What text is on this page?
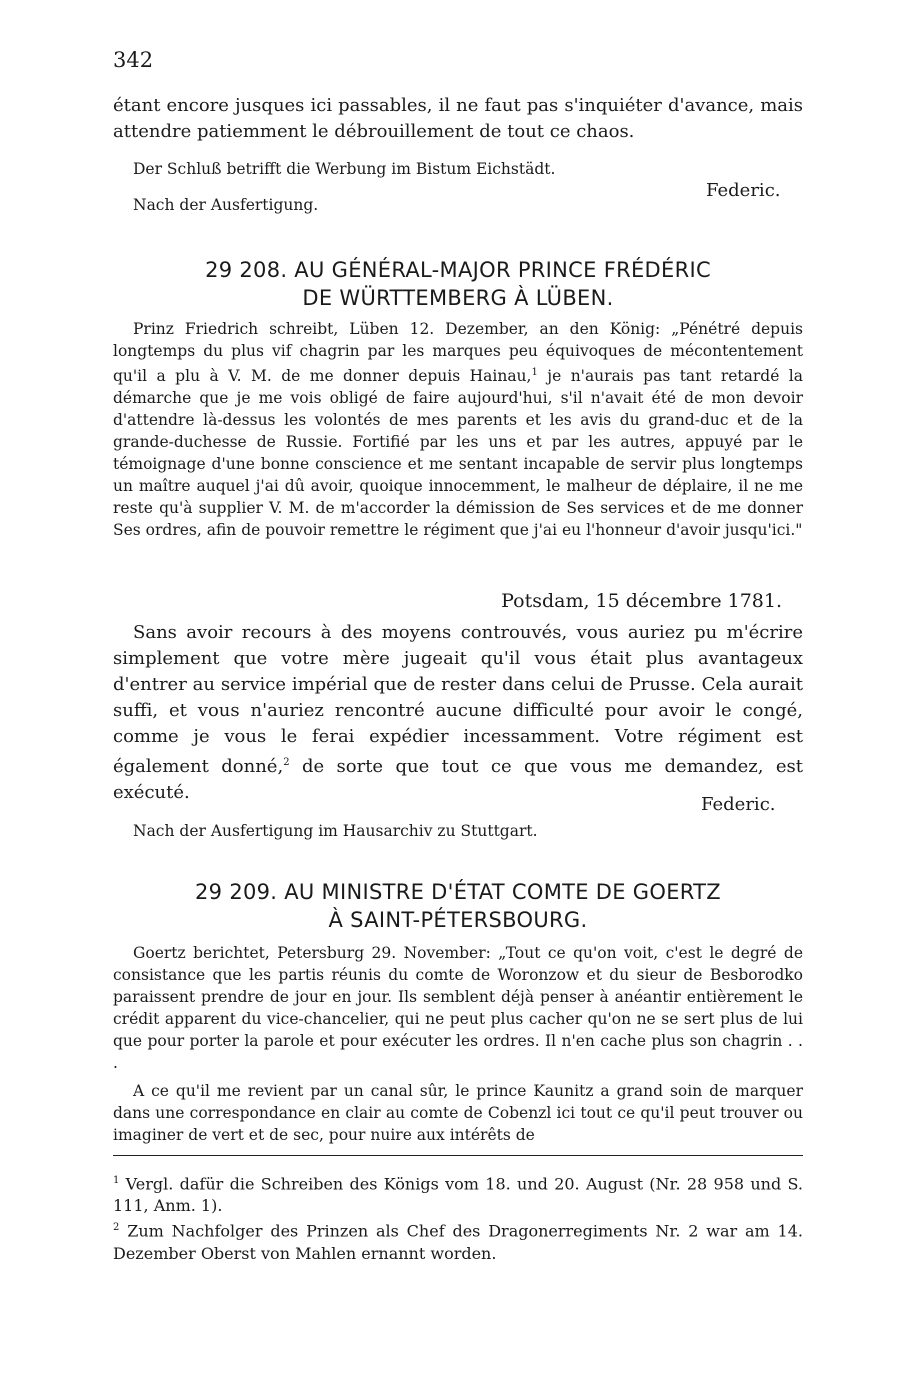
342
étant encore jusques ici passables, il ne faut pas s'inquiéter d'avance, mais attendre patiemment le débrouillement de tout ce chaos.
Der Schluß betrifft die Werbung im Bistum Eichstädt.
Nach der Ausfertigung.
Federic.
29 208. AU GÉNÉRAL-MAJOR PRINCE FRÉDÉRIC
DE WÜRTTEMBERG À LÜBEN.
Prinz Friedrich schreibt, Lüben 12. Dezember, an den König: „Pénétré depuis longtemps du plus vif chagrin par les marques peu équivoques de mécontentement qu'il a plu à V. M. de me donner depuis Hainau,$^1$ je n'aurais pas tant retardé la démarche que je me vois obligé de faire aujourd'hui, s'il n'avait été de mon devoir d'attendre là-dessus les volontés de mes parents et les avis du grand-duc et de la grande-duchesse de Russie. Fortifié par les uns et par les autres, appuyé par le témoignage d'une bonne conscience et me sentant incapable de servir plus longtemps un maître auquel j'ai dû avoir, quoique innocemment, le malheur de déplaire, il ne me reste qu'à supplier V. M. de m'accorder la démission de Ses services et de me donner Ses ordres, afin de pouvoir remettre le régiment que j'ai eu l'honneur d'avoir jusqu'ici."
Potsdam, 15 décembre 1781.
Sans avoir recours à des moyens controuvés, vous auriez pu m'écrire simplement que votre mère jugeait qu'il vous était plus avantageux d'entrer au service impérial que de rester dans celui de Prusse. Cela aurait suffi, et vous n'auriez rencontré aucune difficulté pour avoir le congé, comme je vous le ferai expédier incessamment. Votre régiment est également donné,$^2$ de sorte que tout ce que vous me demandez, est exécuté.
Federic.
Nach der Ausfertigung im Hausarchiv zu Stuttgart.
29 209. AU MINISTRE D'ÉTAT COMTE DE GOERTZ
À SAINT-PÉTERSBOURG.
Goertz berichtet, Petersburg 29. November: „Tout ce qu'on voit, c'est le degré de consistance que les partis réunis du comte de Woronzow et du sieur de Besborodko paraissent prendre de jour en jour. Ils semblent déjà penser à anéantir entièrement le crédit apparent du vice-chancelier, qui ne peut plus cacher qu'on ne se sert plus de lui que pour porter la parole et pour exécuter les ordres. Il n'en cache plus son chagrin . . .
A ce qu'il me revient par un canal sûr, le prince Kaunitz a grand soin de marquer dans une correspondance en clair au comte de Cobenzl ici tout ce qu'il peut trouver ou imaginer de vert et de sec, pour nuire aux intérêts de

$^1$ Vergl. dafür die Schreiben des Königs vom 18. und 20. August (Nr. 28 958 und S. 111, Anm. 1).

$^2$ Zum Nachfolger des Prinzen als Chef des Dragonerregiments Nr. 2 war am 14. Dezember Oberst von Mahlen ernannt worden.
